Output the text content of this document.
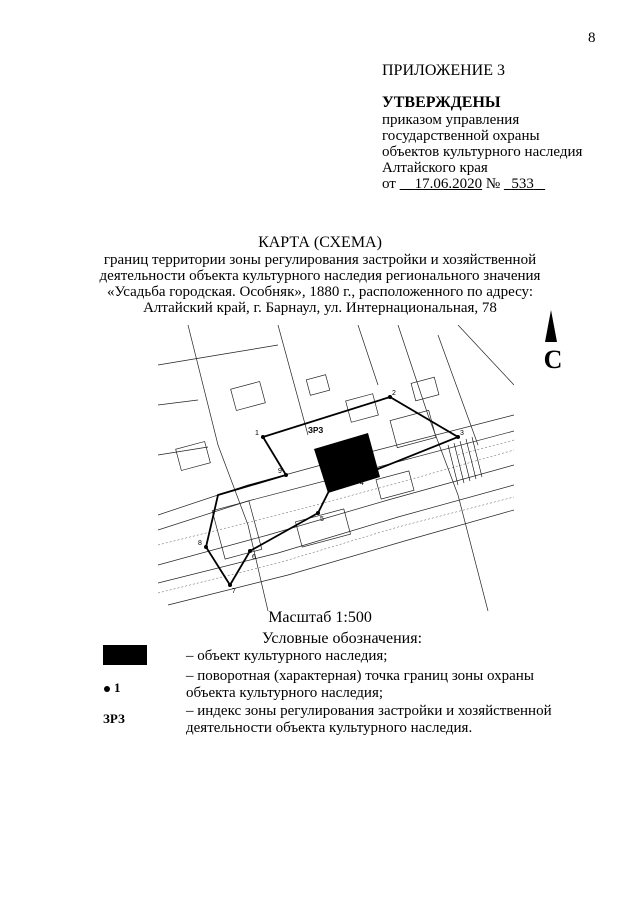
8
ПРИЛОЖЕНИЕ 3
УТВЕРЖДЕНЫ
приказом управления
государственной охраны
объектов культурного наследия
Алтайского края
от 17.06.2020 № 533
КАРТА (СХЕМА)
границ территории зоны регулирования застройки и хозяйственной
деятельности объекта культурного наследия регионального значения
«Усадьба городская. Особняк», 1880 г., расположенного по адресу:
Алтайский край, г. Барнаул, ул. Интернациональная, 78
С
1
2
3
4
5
6
7
8
9
ЗРЗ
Масштаб 1:500
Условные обозначения:
1
ЗРЗ
– объект культурного наследия;
– поворотная (характерная) точка границ зоны охраны объекта культурного наследия;
– индекс зоны регулирования застройки и хозяйственной деятельности объекта культурного наследия.
